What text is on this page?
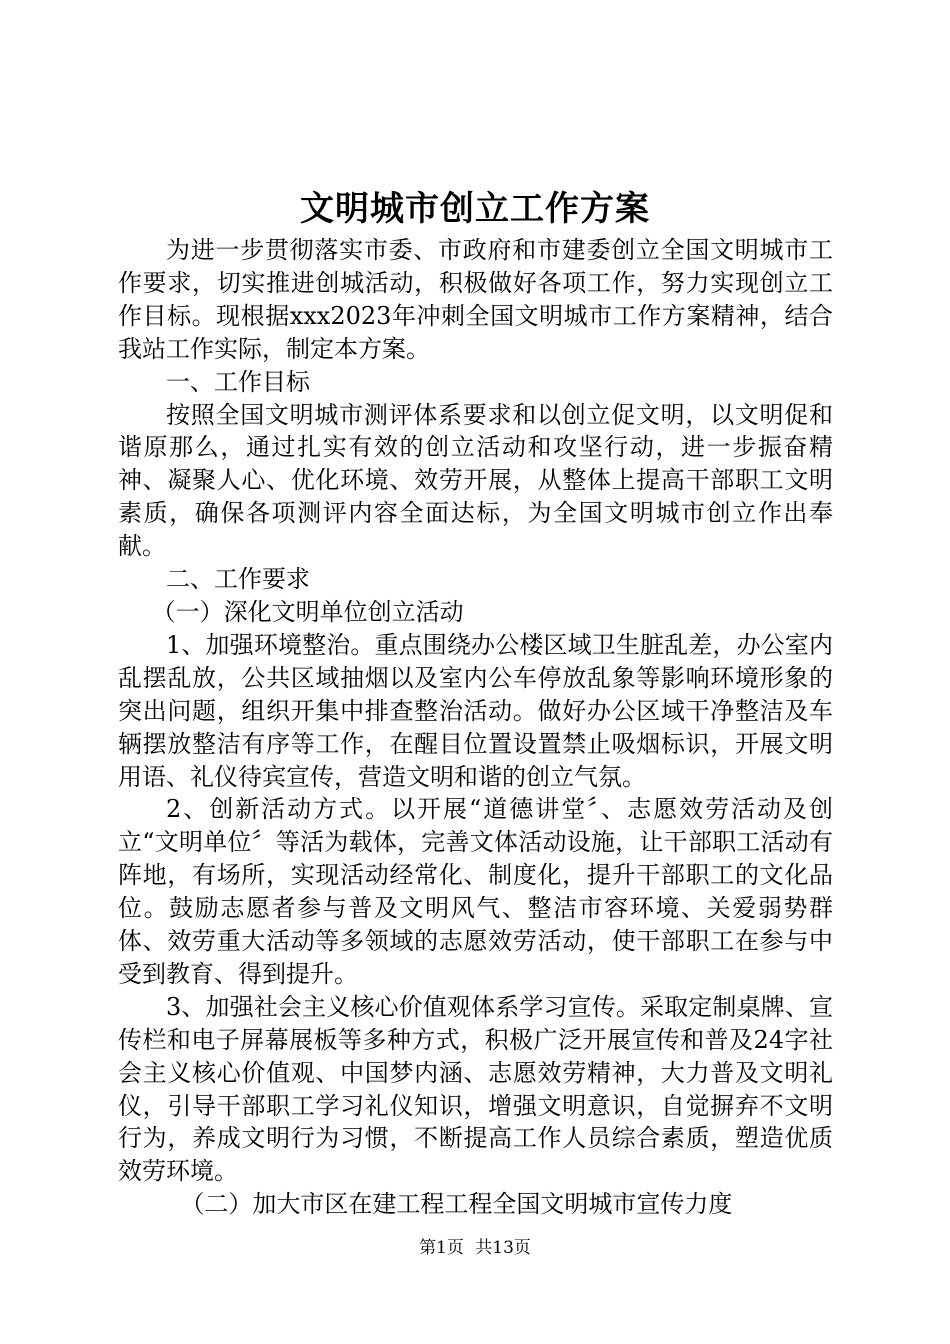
文明城市创立工作方案

为进一步贯彻落实市委、市政府和市建委创立全国文明城市工作要求，切实推进创城活动，积极做好各项工作，努力实现创立工作目标。现根据xxx2023年冲刺全国文明城市工作方案精神，结合我站工作实际，制定本方案。

一、工作目标

按照全国文明城市测评体系要求和以创立促文明，以文明促和谐原那么，通过扎实有效的创立活动和攻坚行动，进一步振奋精神、凝聚人心、优化环境、效劳开展，从整体上提高干部职工文明素质，确保各项测评内容全面达标，为全国文明城市创立作出奉献。

二、工作要求

（一）深化文明单位创立活动

1、加强环境整治。重点围绕办公楼区域卫生脏乱差，办公室内乱摆乱放，公共区域抽烟以及室内公车停放乱象等影响环境形象的突出问题，组织开集中排查整治活动。做好办公区域干净整洁及车辆摆放整洁有序等工作，在醒目位置设置禁止吸烟标识，开展文明用语、礼仪待宾宣传，营造文明和谐的创立气氛。

2、创新活动方式。以开展“道德讲堂〞、志愿效劳活动及创立“文明单位〞等活为载体，完善文体活动设施，让干部职工活动有阵地，有场所，实现活动经常化、制度化，提升干部职工的文化品位。鼓励志愿者参与普及文明风气、整洁市容环境、关爱弱势群体、效劳重大活动等多领域的志愿效劳活动，使干部职工在参与中受到教育、得到提升。

3、加强社会主义核心价值观体系学习宣传。采取定制桌牌、宣传栏和电子屏幕展板等多种方式，积极广泛开展宣传和普及24字社会主义核心价值观、中国梦内涵、志愿效劳精神，大力普及文明礼仪，引导干部职工学习礼仪知识，增强文明意识，自觉摒弃不文明行为，养成文明行为习惯，不断提高工作人员综合素质，塑造优质效劳环境。

（二）加大市区在建工程工程全国文明城市宣传力度

第1页 共13页
